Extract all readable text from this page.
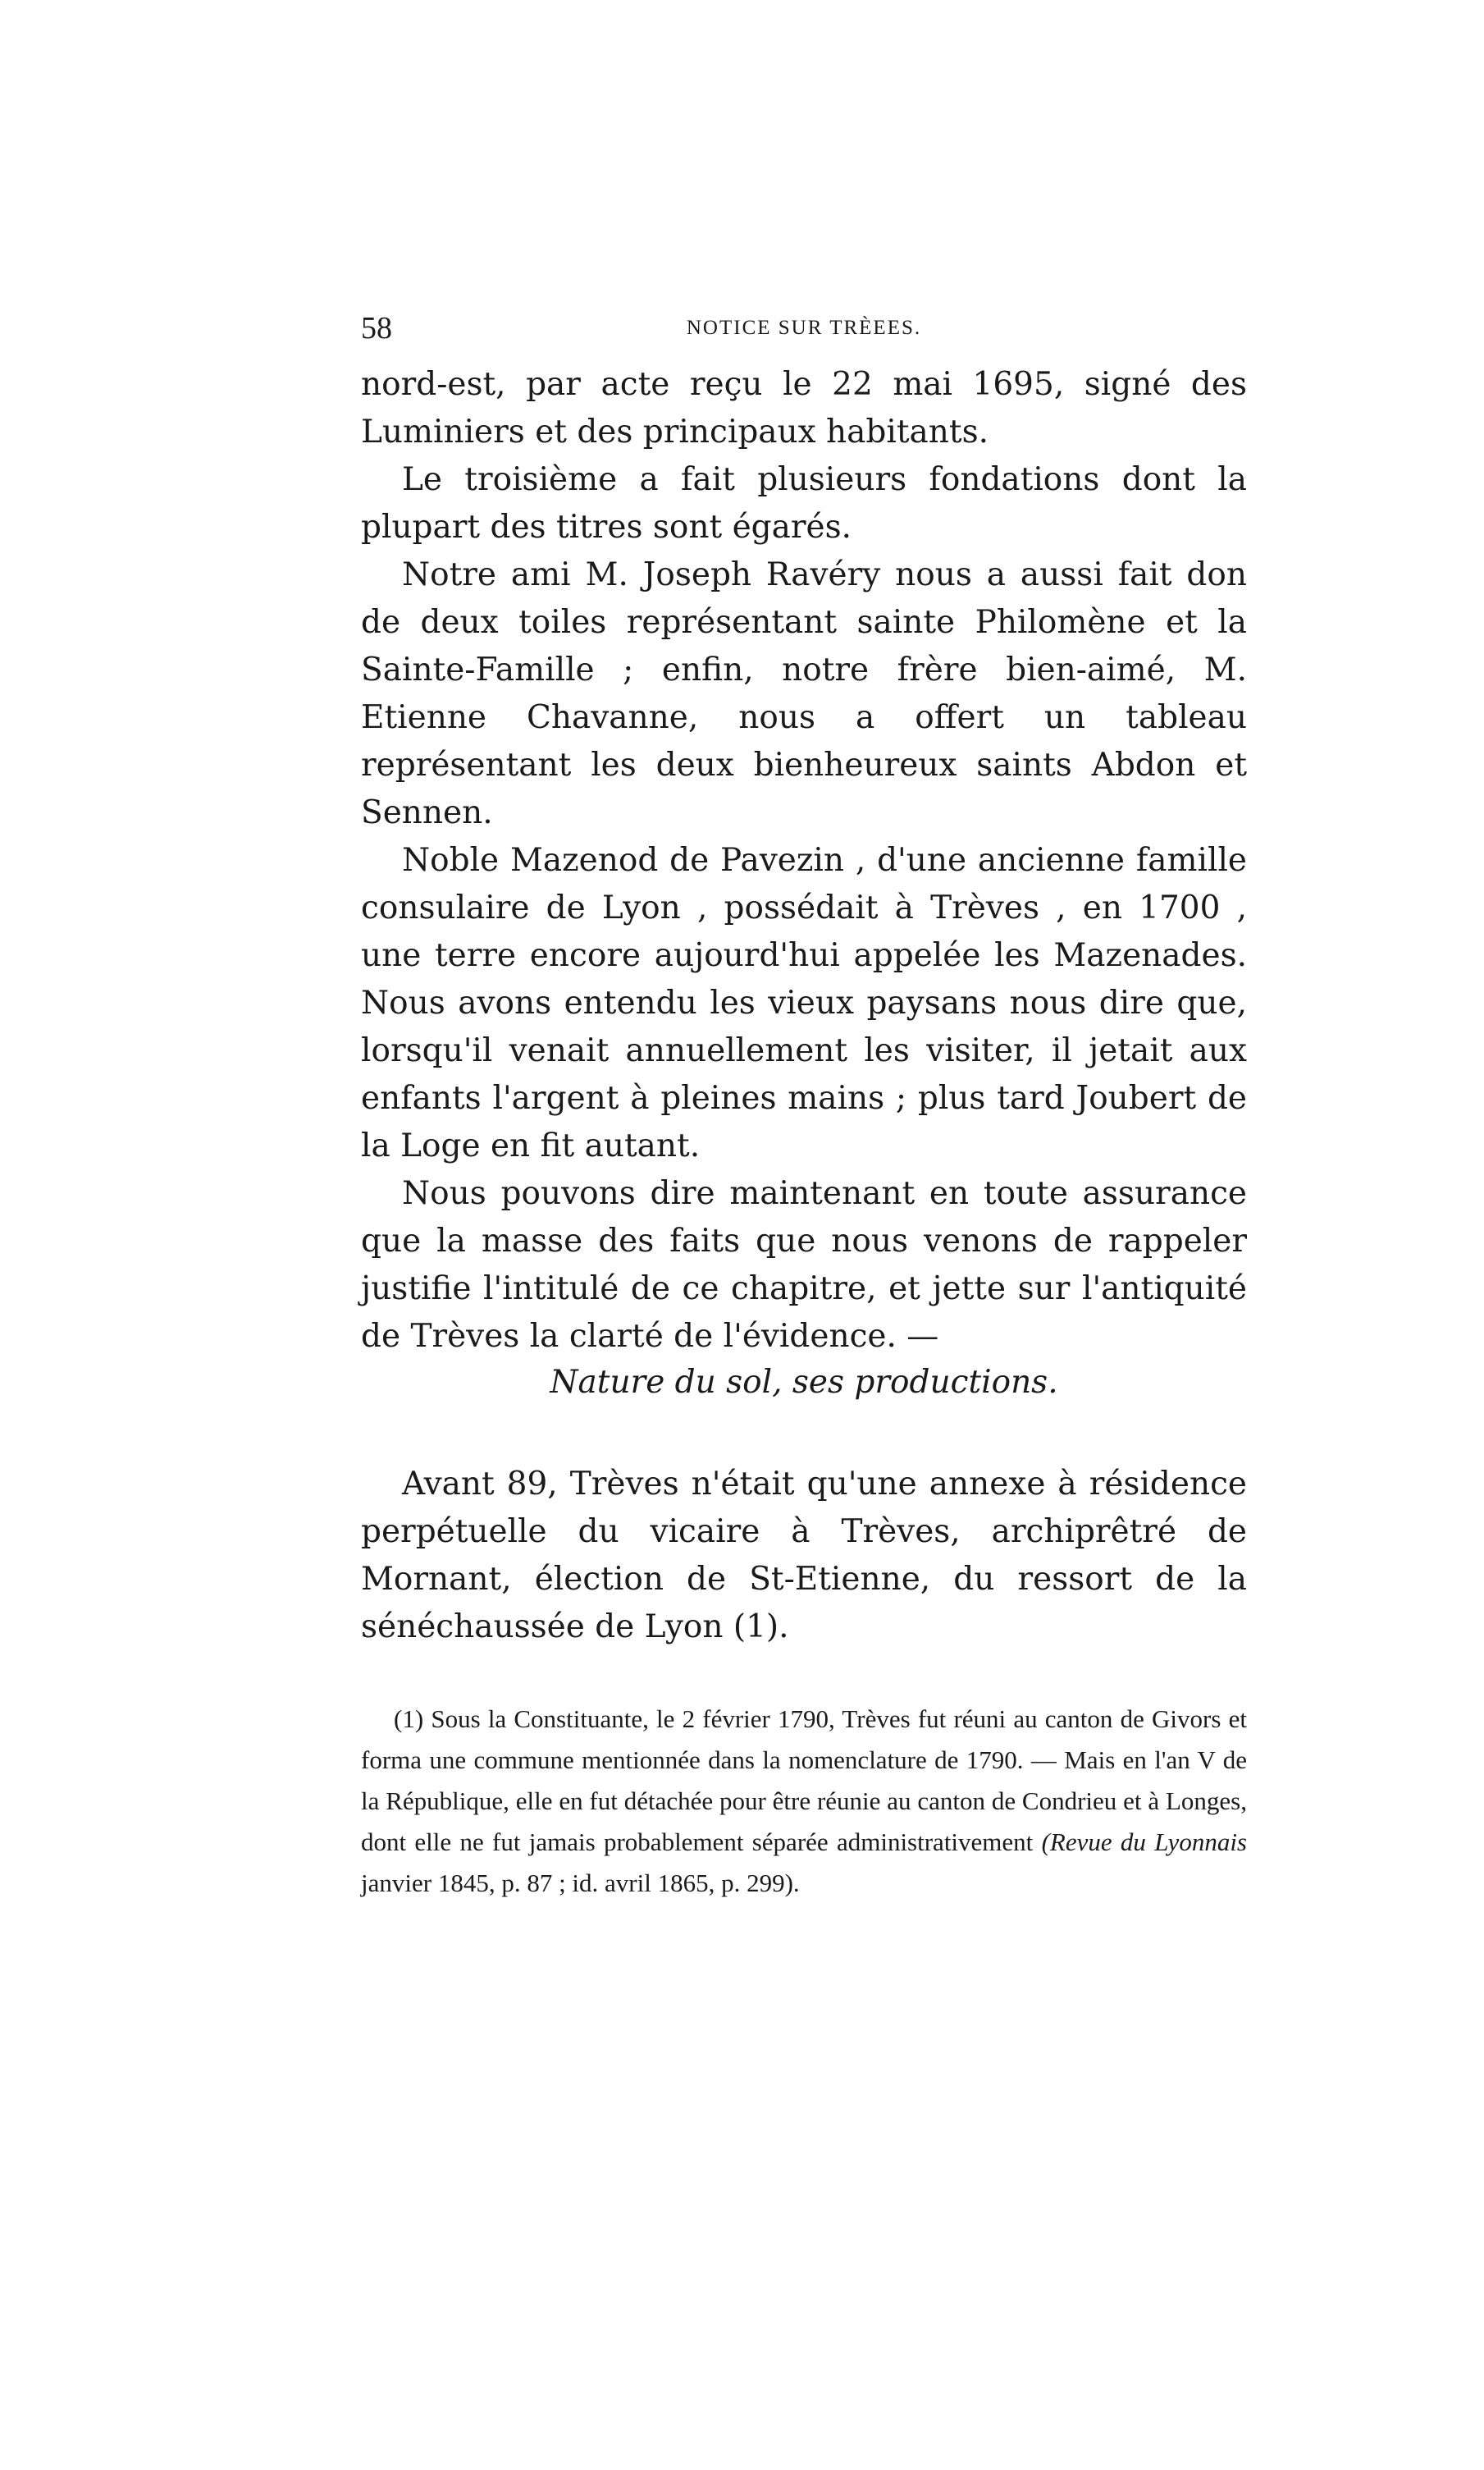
58	NOTICE SUR TRÈEES.

nord-est, par acte reçu le 22 mai 1695, signé des Luminiers et des principaux habitants.

Le troisième a fait plusieurs fondations dont la plupart des titres sont égarés.

Notre ami M. Joseph Ravéry nous a aussi fait don de deux toiles représentant sainte Philomène et la Sainte-Famille ; enfin, notre frère bien-aimé, M. Etienne Chavanne, nous a offert un tableau représentant les deux bienheureux saints Abdon et Sennen.

Noble Mazenod de Pavezin , d'une ancienne famille consulaire de Lyon , possédait à Trèves , en 1700 , une terre encore aujourd'hui appelée les Mazenades. Nous avons entendu les vieux paysans nous dire que, lorsqu'il venait annuellement les visiter, il jetait aux enfants l'argent à pleines mains ; plus tard Joubert de la Loge en fit autant.

Nous pouvons dire maintenant en toute assurance que la masse des faits que nous venons de rappeler justifie l'intitulé de ce chapitre, et jette sur l'antiquité de Trèves la clarté de l'évidence. —

Nature du sol, ses productions.

Avant 89, Trèves n'était qu'une annexe à résidence perpétuelle du vicaire à Trèves, archiprêtré de Mornant, élection de St-Etienne, du ressort de la sénéchaussée de Lyon (1).

(1) Sous la Constituante, le 2 février 1790, Trèves fut réuni au canton de Givors et forma une commune mentionnée dans la nomenclature de 1790. — Mais en l'an V de la République, elle en fut détachée pour être réunie au canton de Condrieu et à Longes, dont elle ne fut jamais probablement séparée administrativement (Revue du Lyonnais janvier 1845, p. 87 ; id. avril 1865, p. 299).
